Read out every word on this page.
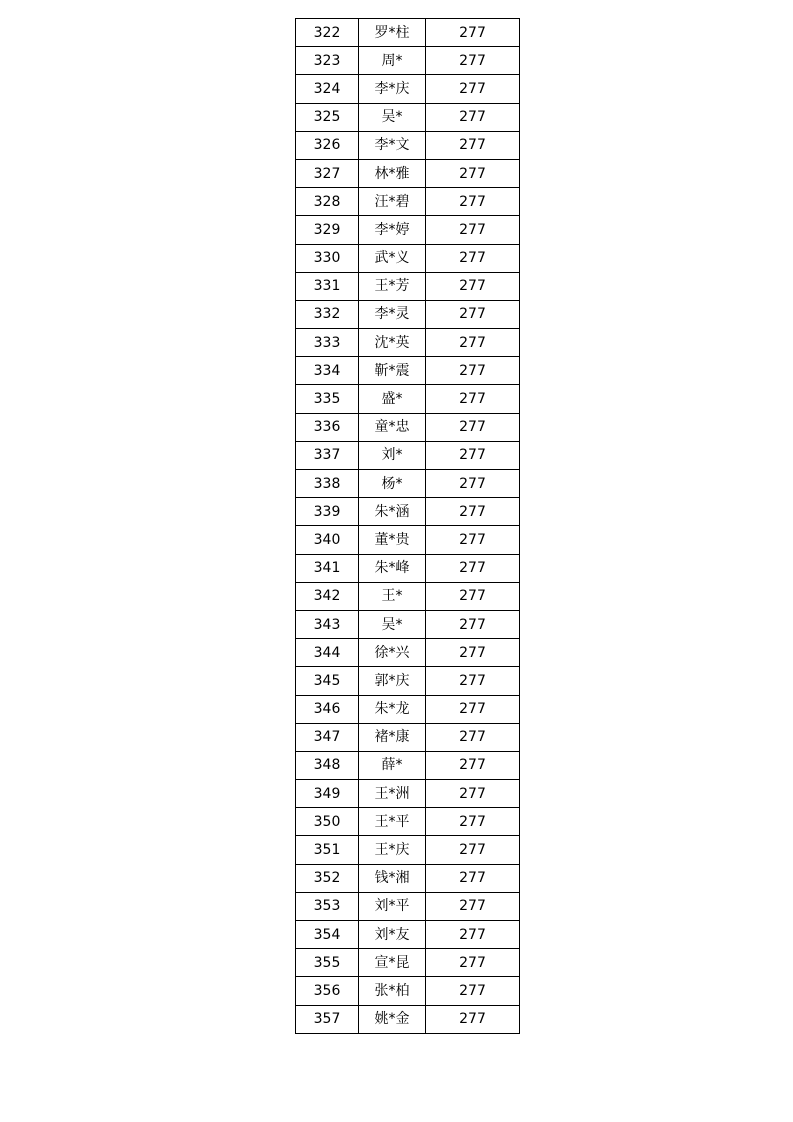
322	罗*柱	277
323	周*	277
324	李*庆	277
325	吴*	277
326	李*文	277
327	林*雅	277
328	汪*碧	277
329	李*婷	277
330	武*义	277
331	王*芳	277
332	李*灵	277
333	沈*英	277
334	靳*震	277
335	盛*	277
336	童*忠	277
337	刘*	277
338	杨*	277
339	朱*涵	277
340	董*贵	277
341	朱*峰	277
342	王*	277
343	吴*	277
344	徐*兴	277
345	郭*庆	277
346	朱*龙	277
347	褚*康	277
348	薛*	277
349	王*洲	277
350	王*平	277
351	王*庆	277
352	钱*湘	277
353	刘*平	277
354	刘*友	277
355	宣*昆	277
356	张*柏	277
357	姚*金	277
